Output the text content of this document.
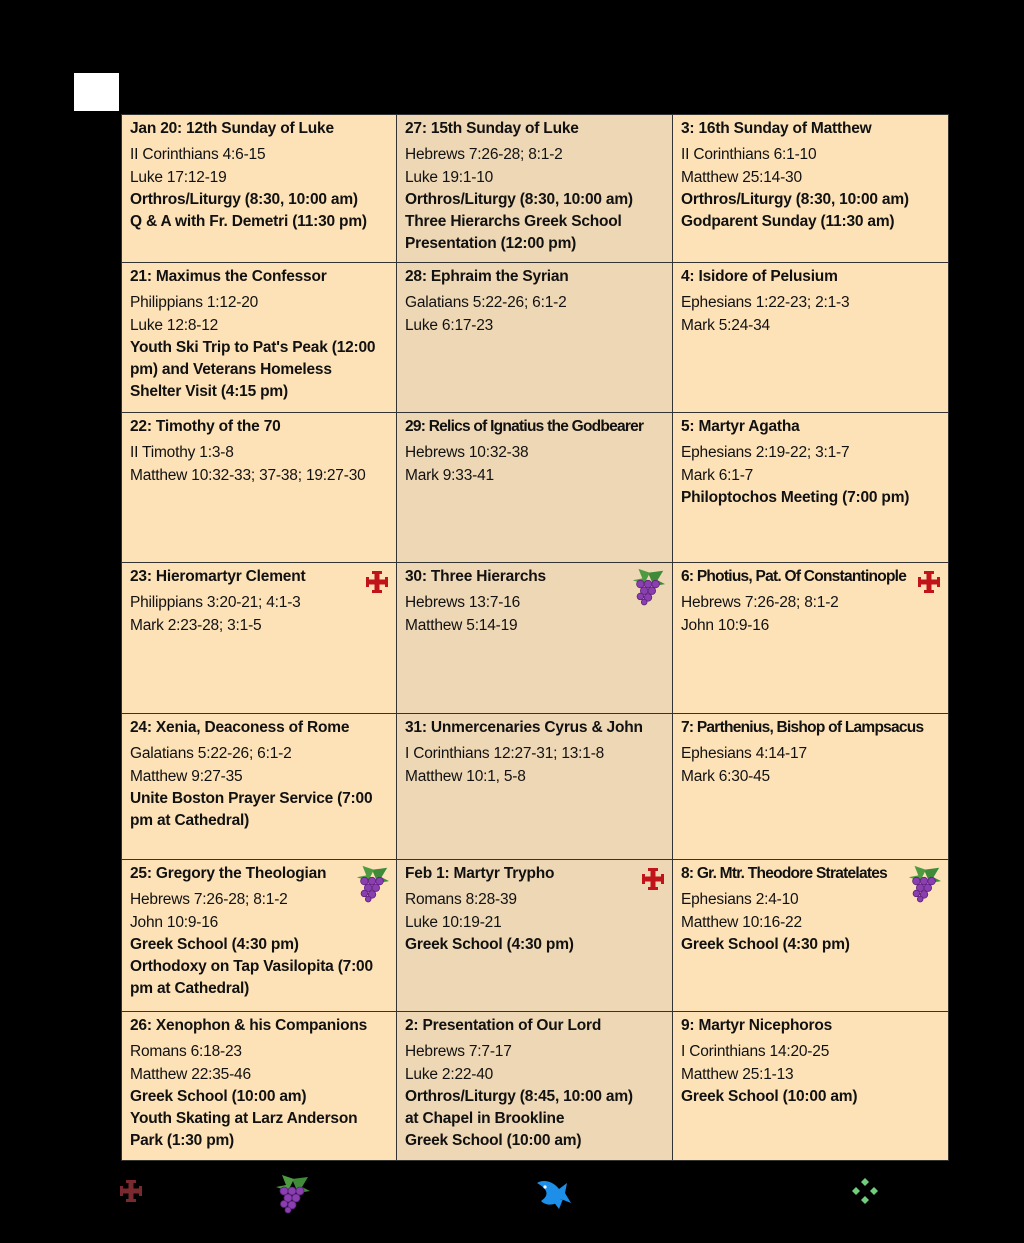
Jan 20: 12th Sunday of Luke
II Corinthians 4:6-15
Luke 17:12-19
Orthros/Liturgy (8:30, 10:00 am)
Q & A with Fr. Demetri (11:30 pm)
27: 15th Sunday of Luke
Hebrews 7:26-28; 8:1-2
Luke 19:1-10
Orthros/Liturgy (8:30, 10:00 am)
Three Hierarchs Greek School
Presentation (12:00 pm)
3: 16th Sunday of Matthew
II Corinthians 6:1-10
Matthew 25:14-30
Orthros/Liturgy (8:30, 10:00 am)
Godparent Sunday (11:30 am)
21: Maximus the Confessor
Philippians 1:12-20
Luke 12:8-12
Youth Ski Trip to Pat's Peak (12:00
pm) and Veterans Homeless
Shelter Visit (4:15 pm)
28: Ephraim the Syrian
Galatians 5:22-26; 6:1-2
Luke 6:17-23
4: Isidore of Pelusium
Ephesians 1:22-23; 2:1-3
Mark 5:24-34
22: Timothy of the 70
II Timothy 1:3-8
Matthew 10:32-33; 37-38; 19:27-30
29: Relics of Ignatius the Godbearer
Hebrews 10:32-38
Mark 9:33-41
5: Martyr Agatha
Ephesians 2:19-22; 3:1-7
Mark 6:1-7
Philoptochos Meeting (7:00 pm)
23: Hieromartyr Clement
Philippians 3:20-21; 4:1-3
Mark 2:23-28; 3:1-5
30: Three Hierarchs
Hebrews 13:7-16
Matthew 5:14-19
6: Photius, Pat. Of Constantinople
Hebrews 7:26-28; 8:1-2
John 10:9-16
24: Xenia, Deaconess of Rome
Galatians 5:22-26; 6:1-2
Matthew 9:27-35
Unite Boston Prayer Service (7:00
pm at Cathedral)
31: Unmercenaries Cyrus & John
I Corinthians 12:27-31; 13:1-8
Matthew 10:1, 5-8
7: Parthenius, Bishop of Lampsacus
Ephesians 4:14-17
Mark 6:30-45
25: Gregory the Theologian
Hebrews 7:26-28; 8:1-2
John 10:9-16
Greek School (4:30 pm)
Orthodoxy on Tap Vasilopita (7:00
pm at Cathedral)
Feb 1: Martyr Trypho
Romans 8:28-39
Luke 10:19-21
Greek School (4:30 pm)
8: Gr. Mtr. Theodore Stratelates
Ephesians 2:4-10
Matthew 10:16-22
Greek School (4:30 pm)
26: Xenophon & his Companions
Romans 6:18-23
Matthew 22:35-46
Greek School (10:00 am)
Youth Skating at Larz Anderson
Park (1:30 pm)
2: Presentation of Our Lord
Hebrews 7:7-17
Luke 2:22-40
Orthros/Liturgy (8:45, 10:00 am)
at Chapel in Brookline
Greek School (10:00 am)
9: Martyr Nicephoros
I Corinthians 14:20-25
Matthew 25:1-13
Greek School (10:00 am)
